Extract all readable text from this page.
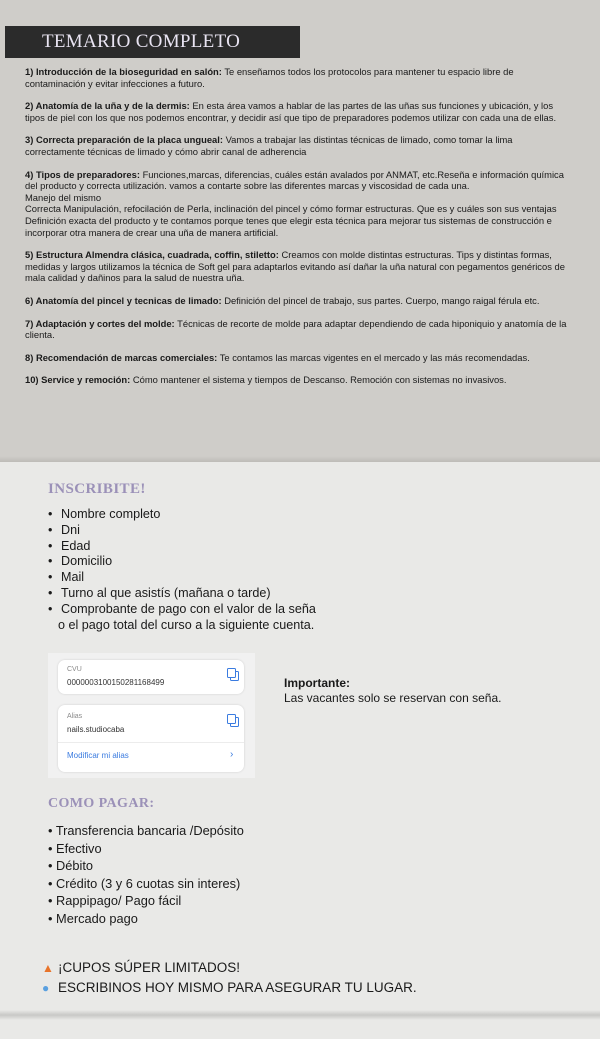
TEMARIO COMPLETO

1) Introducción de la bioseguridad en salón: Te enseñamos todos los protocolos para mantener tu espacio libre de contaminación y evitar infecciones a futuro.

2) Anatomía de la uña y de la dermis: En esta área vamos a hablar de las partes de las uñas sus funciones y ubicación, y los tipos de piel con los que nos podemos encontrar, y decidir así que tipo de preparadores podemos utilizar con cada una de ellas.

3) Correcta preparación de la placa ungueal: Vamos a trabajar las distintas técnicas de limado, como tomar la lima correctamente técnicas de limado y cómo abrir canal de adherencia

4) Tipos de preparadores: Funciones,marcas, diferencias, cuáles están avalados por ANMAT, etc.Reseña e información química del producto y correcta utilización. vamos a contarte sobre las diferentes marcas y viscosidad de cada una.
Manejo del mismo
Correcta Manipulación, refocilación de Perla, inclinación del pincel y cómo formar estructuras. Que es y cuáles son sus ventajas
Definición exacta del producto y te contamos porque tenes que elegir esta técnica para mejorar tus sistemas de construcción e incorporar otra manera de crear una uña de manera artificial.

5) Estructura Almendra clásica, cuadrada, coffin, stiletto: Creamos con molde distintas estructuras. Tips y distintas formas, medidas y largos utilizamos la técnica de Soft gel para adaptarlos evitando así dañar la uña natural con pegamentos genéricos de mala calidad y dañinos para la salud de nuestra uña.

6) Anatomía del pincel y tecnicas de limado: Definición del pincel de trabajo, sus partes. Cuerpo, mango raigal férula etc.

7) Adaptación y cortes del molde: Técnicas de recorte de molde para adaptar dependiendo de cada hiponiquio y anatomía de la clienta.

8) Recomendación de marcas comerciales: Te contamos las marcas vigentes en el mercado y las más recomendadas.

10) Service y remoción: Cómo mantener el sistema y tiempos de Descanso. Remoción con sistemas no invasivos.

INSCRIBITE!
• Nombre completo
• Dni
• Edad
• Domicilio
• Mail
• Turno al que asistís (mañana o tarde)
• Comprobante de pago con el valor de la seña
o el pago total del curso a la siguiente cuenta.
CVU
0000003100150281168499
Alias
nails.studiocaba
Modificar mi alias	›
Importante:
Las vacantes solo se reservan con seña.
COMO PAGAR:
• Transferencia bancaria /Depósito
• Efectivo
• Débito
• Crédito (3 y 6 cuotas sin interes)
• Rappipago/ Pago fácil
• Mercado pago
▲ ¡CUPOS SÚPER LIMITADOS!
● ESCRIBINOS HOY MISMO PARA ASEGURAR TU LUGAR.
